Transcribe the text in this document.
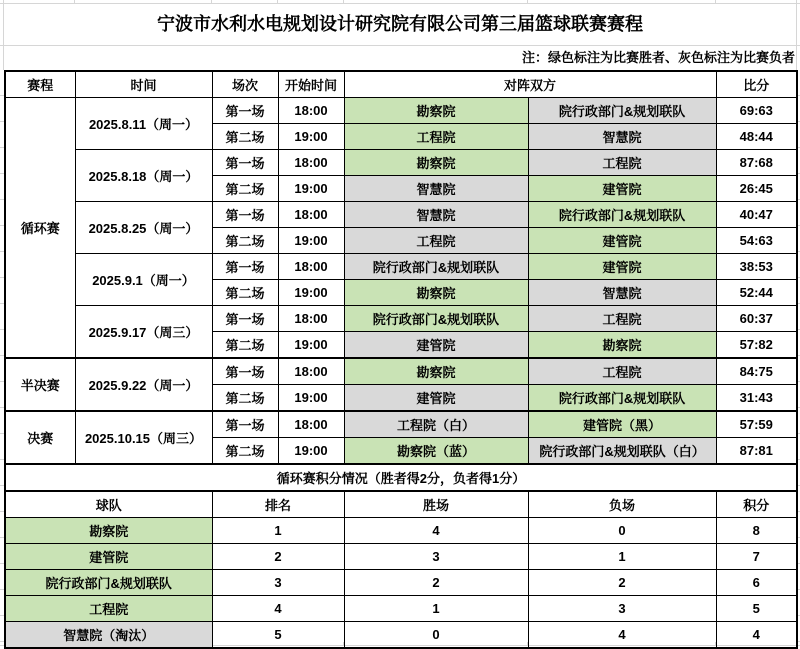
宁波市水利水电规划设计研究院有限公司第三届篮球联赛赛程
注：绿色标注为比赛胜者、灰色标注为比赛负者
赛程	时间	场次	开始时间	对阵双方		比分
循环赛	2025.8.11（周一）	第一场	18:00	勘察院	院行政部门&规划联队	69:63
		第二场	19:00	工程院	智慧院	48:44
	2025.8.18（周一）	第一场	18:00	勘察院	工程院	87:68
		第二场	19:00	智慧院	建管院	26:45
	2025.8.25（周一）	第一场	18:00	智慧院	院行政部门&规划联队	40:47
		第二场	19:00	工程院	建管院	54:63
	2025.9.1（周一）	第一场	18:00	院行政部门&规划联队	建管院	38:53
		第二场	19:00	勘察院	智慧院	52:44
	2025.9.17（周三）	第一场	18:00	院行政部门&规划联队	工程院	60:37
		第二场	19:00	建管院	勘察院	57:82
半决赛	2025.9.22（周一）	第一场	18:00	勘察院	工程院	84:75
		第二场	19:00	建管院	院行政部门&规划联队	31:43
决赛	2025.10.15（周三）	第一场	18:00	工程院（白）	建管院（黑）	57:59
		第二场	19:00	勘察院（蓝）	院行政部门&规划联队（白）	87:81
循环赛积分情况（胜者得2分，负者得1分）						
球队		排名		胜场	负场	积分
勘察院		1		4	0	8
建管院		2		3	1	7
院行政部门&规划联队		3		2	2	6
工程院		4		1	3	5
智慧院（淘汰）		5		0	4	4
